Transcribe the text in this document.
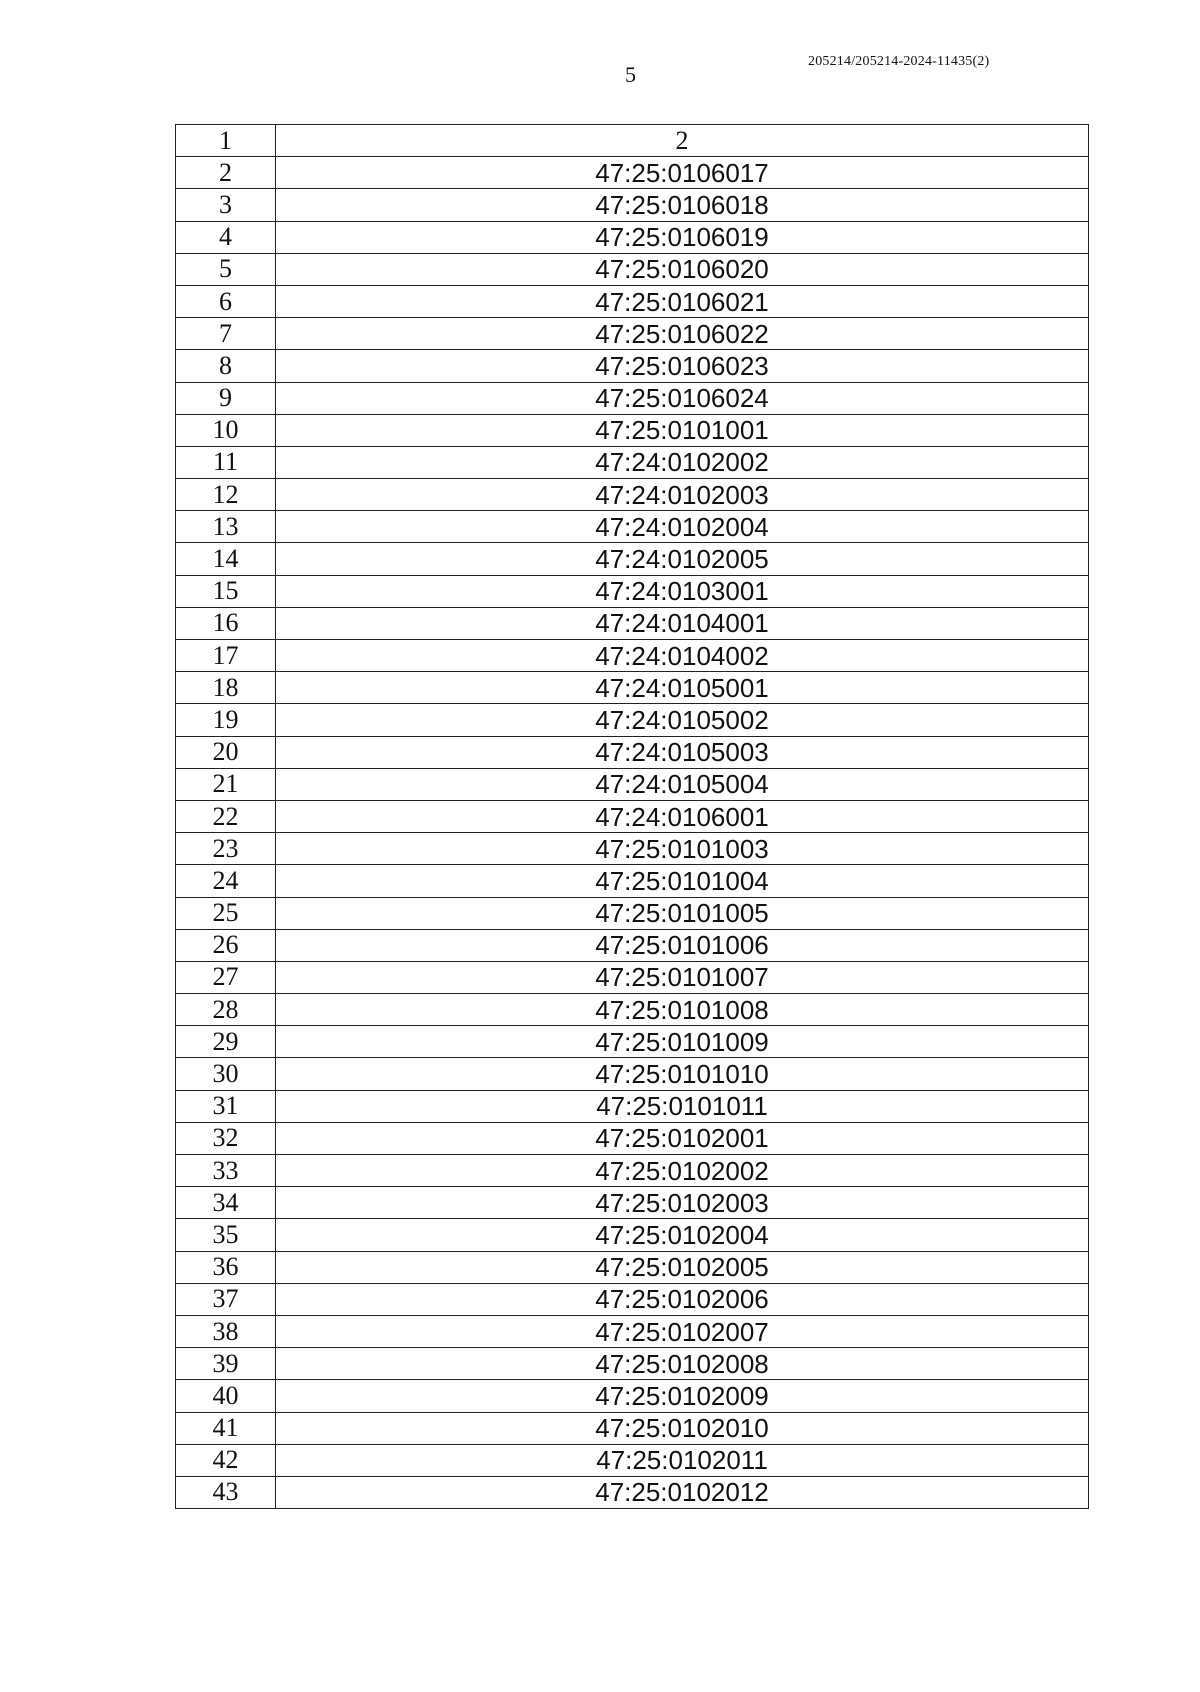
5
205214/205214-2024-11435(2)
1	2
2	47:25:0106017
3	47:25:0106018
4	47:25:0106019
5	47:25:0106020
6	47:25:0106021
7	47:25:0106022
8	47:25:0106023
9	47:25:0106024
10	47:25:0101001
11	47:24:0102002
12	47:24:0102003
13	47:24:0102004
14	47:24:0102005
15	47:24:0103001
16	47:24:0104001
17	47:24:0104002
18	47:24:0105001
19	47:24:0105002
20	47:24:0105003
21	47:24:0105004
22	47:24:0106001
23	47:25:0101003
24	47:25:0101004
25	47:25:0101005
26	47:25:0101006
27	47:25:0101007
28	47:25:0101008
29	47:25:0101009
30	47:25:0101010
31	47:25:0101011
32	47:25:0102001
33	47:25:0102002
34	47:25:0102003
35	47:25:0102004
36	47:25:0102005
37	47:25:0102006
38	47:25:0102007
39	47:25:0102008
40	47:25:0102009
41	47:25:0102010
42	47:25:0102011
43	47:25:0102012
